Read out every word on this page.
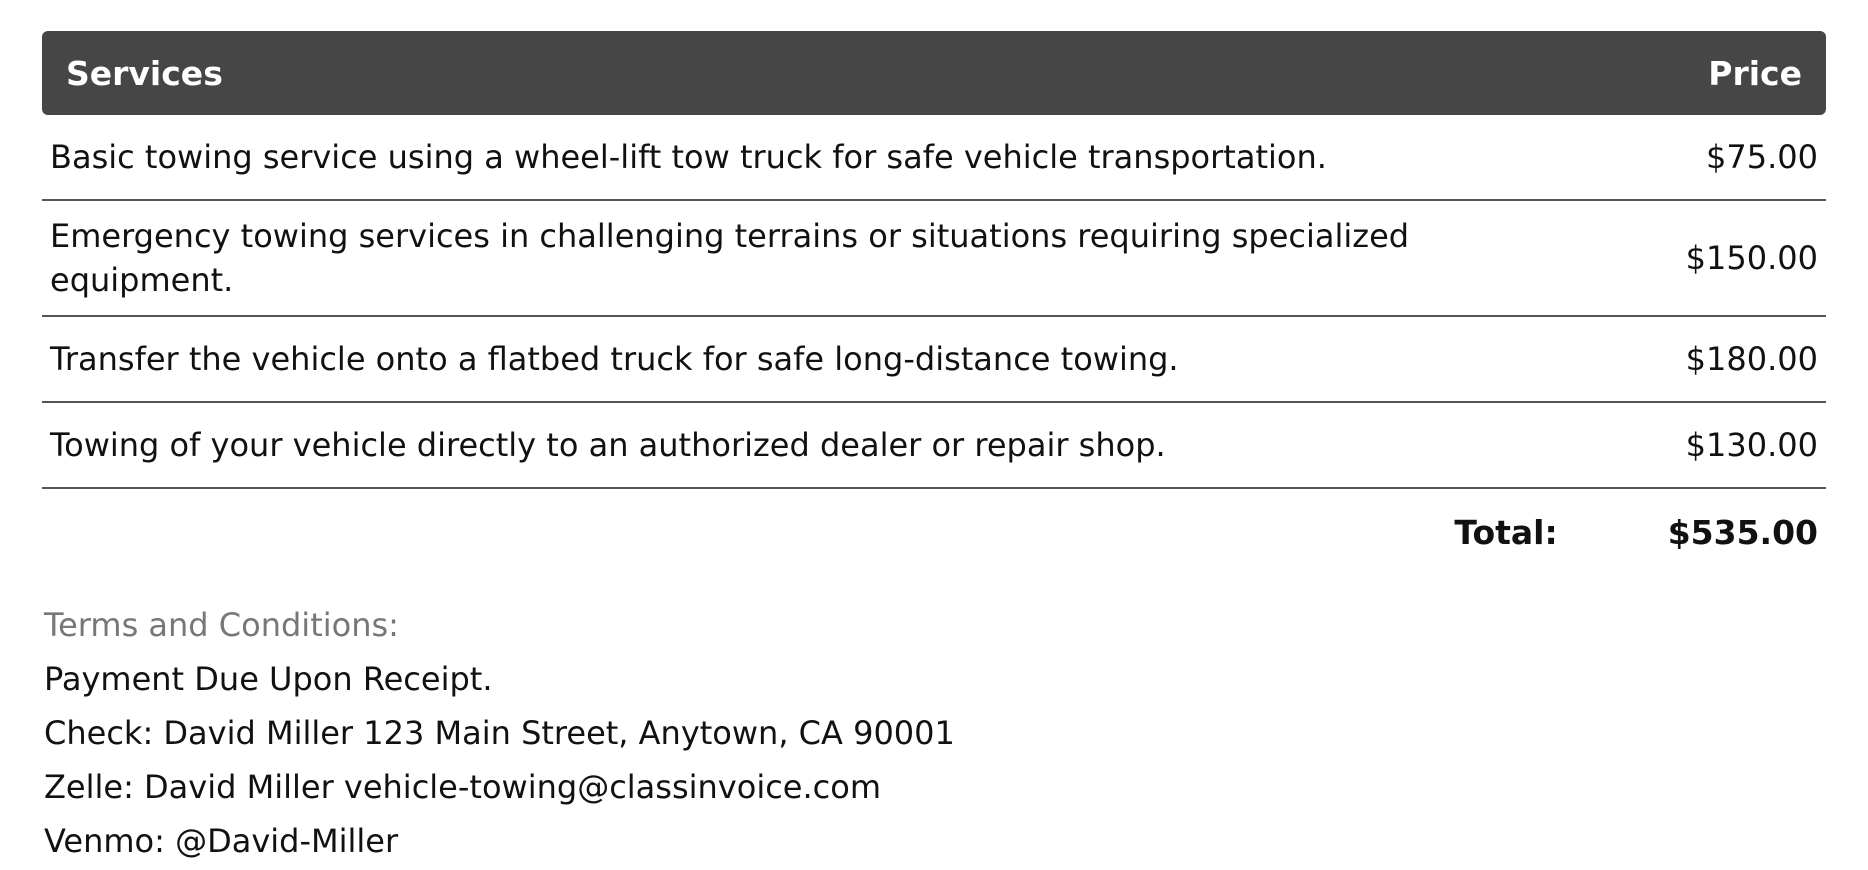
Services	Price
Basic towing service using a wheel-lift tow truck for safe vehicle transportation.	$75.00
Emergency towing services in challenging terrains or situations requiring specialized equipment.	$150.00
Transfer the vehicle onto a flatbed truck for safe long-distance towing.	$180.00
Towing of your vehicle directly to an authorized dealer or repair shop.	$130.00
Total:	$535.00
Terms and Conditions:
Payment Due Upon Receipt.
Check: David Miller 123 Main Street, Anytown, CA 90001
Zelle: David Miller vehicle-towing@classinvoice.com
Venmo: @David-Miller
